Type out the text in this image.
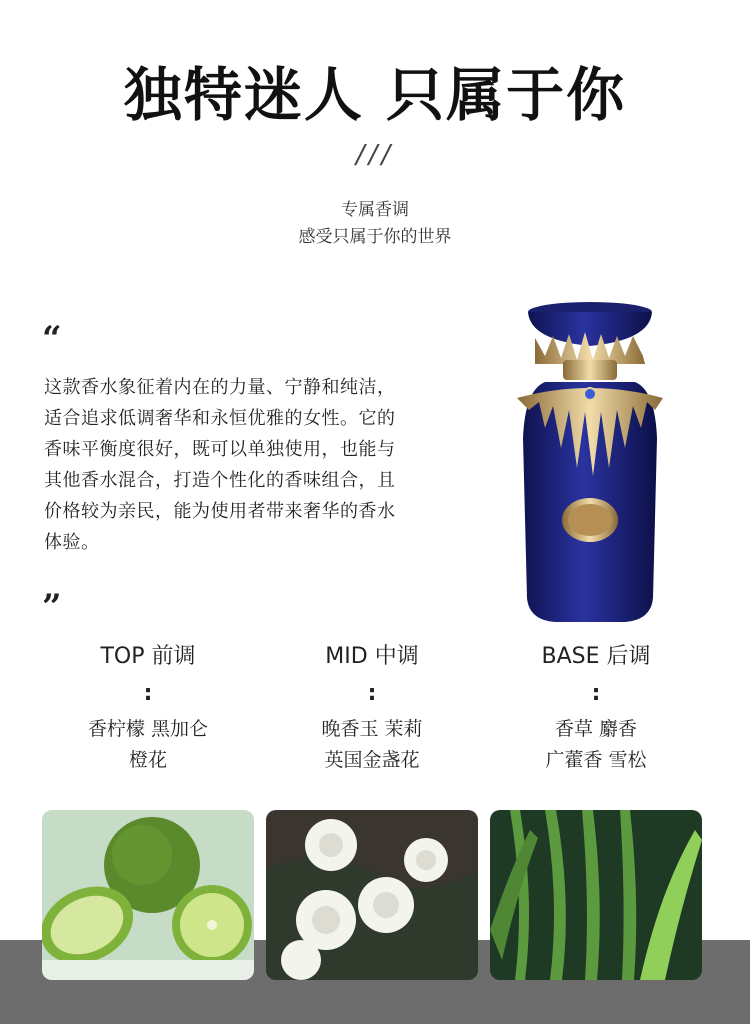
独特迷人 只属于你
///
专属香调
感受只属于你的世界
“

这款香水象征着内在的力量、宁静和纯洁，适合追求低调奢华和永恒优雅的女性。它的香味平衡度很好，既可以单独使用，也能与其他香水混合，打造个性化的香味组合，且价格较为亲民，能为使用者带来奢华的香水体验。

”
TOP 前调
:
香柠檬 黑加仑
橙花
MID 中调
:
晚香玉 茉莉
英国金盏花
BASE 后调
:
香草 麝香
广藿香 雪松
